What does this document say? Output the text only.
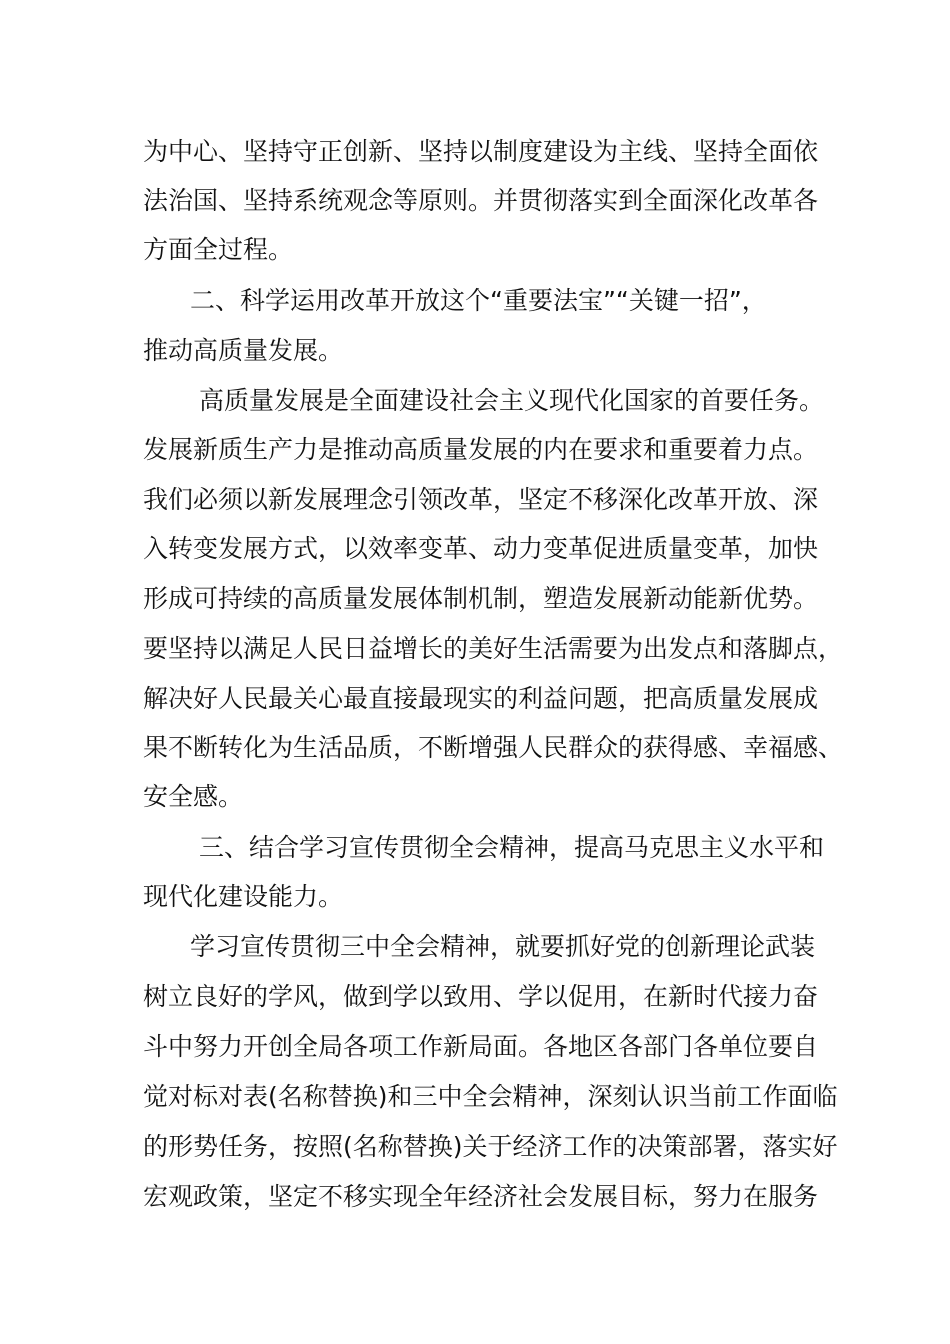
为中心、坚持守正创新、坚持以制度建设为主线、坚持全面依

法治国、坚持系统观念等原则。并贯彻落实到全面深化改革各

方面全过程。

二、科学运用改革开放这个“重要法宝”“关键一招”，

推动高质量发展。

高质量发展是全面建设社会主义现代化国家的首要任务。

发展新质生产力是推动高质量发展的内在要求和重要着力点。

我们必须以新发展理念引领改革，坚定不移深化改革开放、深

入转变发展方式，以效率变革、动力变革促进质量变革，加快

形成可持续的高质量发展体制机制，塑造发展新动能新优势。

要坚持以满足人民日益增长的美好生活需要为出发点和落脚点，

解决好人民最关心最直接最现实的利益问题，把高质量发展成

果不断转化为生活品质，不断增强人民群众的获得感、幸福感、

安全感。

三、结合学习宣传贯彻全会精神，提高马克思主义水平和

现代化建设能力。

学习宣传贯彻三中全会精神，就要抓好党的创新理论武装

树立良好的学风，做到学以致用、学以促用，在新时代接力奋

斗中努力开创全局各项工作新局面。各地区各部门各单位要自

觉对标对表(名称替换)和三中全会精神，深刻认识当前工作面临

的形势任务，按照(名称替换)关于经济工作的决策部署，落实好

宏观政策，坚定不移实现全年经济社会发展目标，努力在服务
